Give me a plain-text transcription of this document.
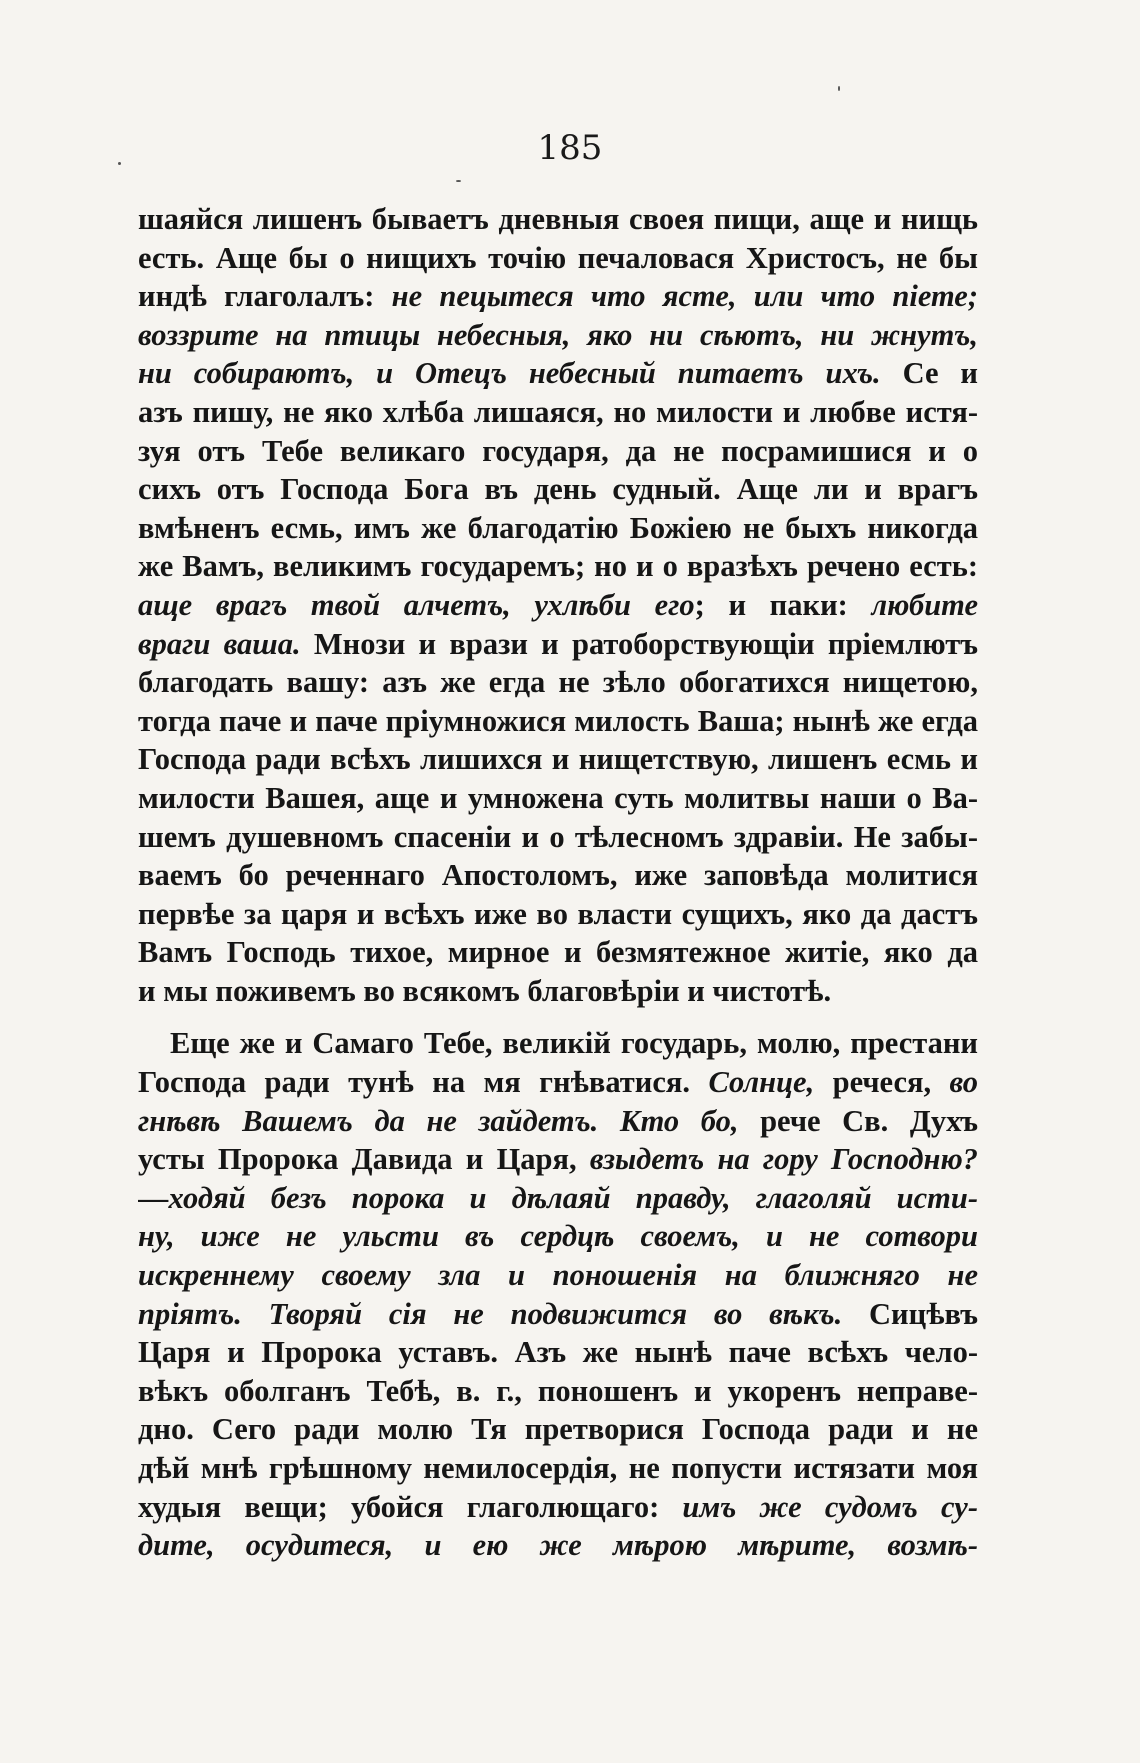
185
шаяйся лишенъ бываетъ дневныя своея пищи, аще и нищь
есть. Аще бы о нищихъ точію печаловася Христосъ, не бы
индѣ глаголалъ: не пецытеся что ясте, или что піете;
воззрите на птицы небесныя, яко ни сѣютъ, ни жнутъ,
ни собираютъ, и Отецъ небесный питаетъ ихъ. Се и
азъ пишу, не яко хлѣба лишаяся, но милости и любве истя-
зуя отъ Тебе великаго государя, да не посрамишися и о
сихъ отъ Господа Бога въ день судный. Аще ли и врагъ
вмѣненъ есмь, имъ же благодатію Божіею не быхъ никогда
же Вамъ, великимъ государемъ; но и о вразѣхъ речено есть:
аще врагъ твой алчетъ, ухлѣби его; и паки: любите
враги ваша. Мнози и врази и ратоборствующіи пріемлютъ
благодать вашу: азъ же егда не зѣло обогатихся нищетою,
тогда паче и паче пріумножися милость Ваша; нынѣ же егда
Господа ради всѣхъ лишихся и нищетствую, лишенъ есмь и
милости Вашея, аще и умножена суть молитвы наши о Ва-
шемъ душевномъ спасеніи и о тѣлесномъ здравіи. Не забы-
ваемъ бо реченнаго Апостоломъ, иже заповѣда молитися
первѣе за царя и всѣхъ иже во власти сущихъ, яко да дастъ
Вамъ Господь тихое, мирное и безмятежное житіе, яко да
и мы поживемъ во всякомъ благовѣріи и чистотѣ.
Еще же и Самаго Тебе, великій государь, молю, престани
Господа ради тунѣ на мя гнѣватися. Солнце, речеся, во
гнѣвѣ Вашемъ да не зайдетъ. Кто бо, рече Св. Духъ
усты Пророка Давида и Царя, взыдетъ на гору Господню?
—ходяй безъ порока и дѣлаяй правду, глаголяй исти-
ну, иже не ульсти въ сердцѣ своемъ, и не сотвори
искреннему своему зла и поношенія на ближняго не
пріятъ. Творяй сія не подвижится во вѣкъ. Сицѣвъ
Царя и Пророка уставъ. Азъ же нынѣ паче всѣхъ чело-
вѣкъ оболганъ Тебѣ, в. г., поношенъ и укоренъ неправе-
дно. Сего ради молю Тя претворися Господа ради и не
дѣй мнѣ грѣшному немилосердія, не попусти истязати моя
худыя вещи; убойся глаголющаго: имъ же судомъ су-
дите, осудитеся, и ею же мѣрою мѣрите, возмѣ-
